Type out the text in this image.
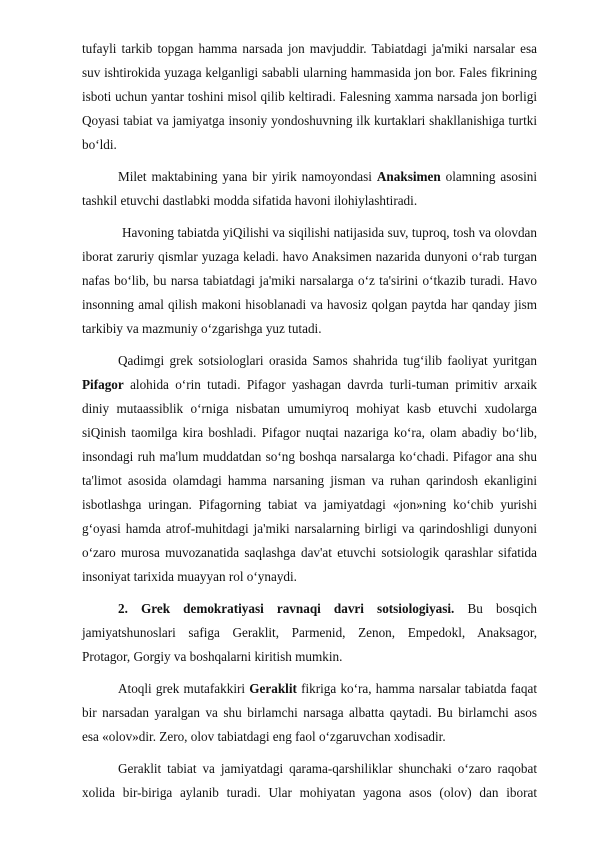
tufayli tarkib topgan hamma narsada jon mavjuddir. Tabiatdagi ja'miki narsalar esa
suv ishtirokida yuzaga kelganligi sababli ularning hammasida jon bor. Fales fikrining
isboti uchun yantar toshini misol qilib keltiradi. Falesning xamma narsada jon borligi
Qoyasi tabiat va jamiyatga insoniy yondoshuvning ilk kurtaklari shakllanishiga turtki
bo‘ldi.
Milet maktabining yana bir yirik namoyondasi Anaksimen olamning asosini
tashkil etuvchi dastlabki modda sifatida havoni ilohiylashtiradi.
Havoning tabiatda yiQilishi va siqilishi natijasida suv, tuproq, tosh va olovdan
iborat zaruriy qismlar yuzaga keladi. havo Anaksimen nazarida dunyoni o‘rab turgan
nafas bo‘lib, bu narsa tabiatdagi ja'miki narsalarga o‘z ta'sirini o‘tkazib turadi. Havo
insonning amal qilish makoni hisoblanadi va havosiz qolgan paytda har qanday jism
tarkibiy va mazmuniy o‘zgarishga yuz tutadi.
Qadimgi grek sotsiologlari orasida Samos shahrida tug‘ilib faoliyat yuritgan
Pifagor alohida o‘rin tutadi. Pifagor yashagan davrda turli-tuman primitiv arxaik
diniy mutaassiblik o‘rniga nisbatan umumiyroq mohiyat kasb etuvchi xudolarga
siQinish taomilga kira boshladi. Pifagor nuqtai nazariga ko‘ra, olam abadiy bo‘lib,
insondagi ruh ma'lum muddatdan so‘ng boshqa narsalarga ko‘chadi. Pifagor ana shu
ta'limot asosida olamdagi hamma narsaning jisman va ruhan qarindosh ekanligini
isbotlashga uringan. Pifagorning tabiat va jamiyatdagi «jon»ning ko‘chib yurishi
g‘oyasi hamda atrof-muhitdagi ja'miki narsalarning birligi va qarindoshligi dunyoni
o‘zaro murosa muvozanatida saqlashga dav'at etuvchi sotsiologik qarashlar sifatida
insoniyat tarixida muayyan rol o‘ynaydi.
2. Grek demokratiyasi ravnaqi davri sotsiologiyasi. Bu bosqich
jamiyatshunoslari safiga Geraklit, Parmenid, Zenon, Empedokl, Anaksagor,
Protagor, Gorgiy va boshqalarni kiritish mumkin.
Atoqli grek mutafakkiri Geraklit fikriga ko‘ra, hamma narsalar tabiatda faqat
bir narsadan yaralgan va shu birlamchi narsaga albatta qaytadi. Bu birlamchi asos
esa «olov»dir. Zero, olov tabiatdagi eng faol o‘zgaruvchan xodisadir.
Geraklit tabiat va jamiyatdagi qarama-qarshiliklar shunchaki o‘zaro raqobat
xolida bir-biriga aylanib turadi. Ular mohiyatan yagona asos (olov) dan iborat
